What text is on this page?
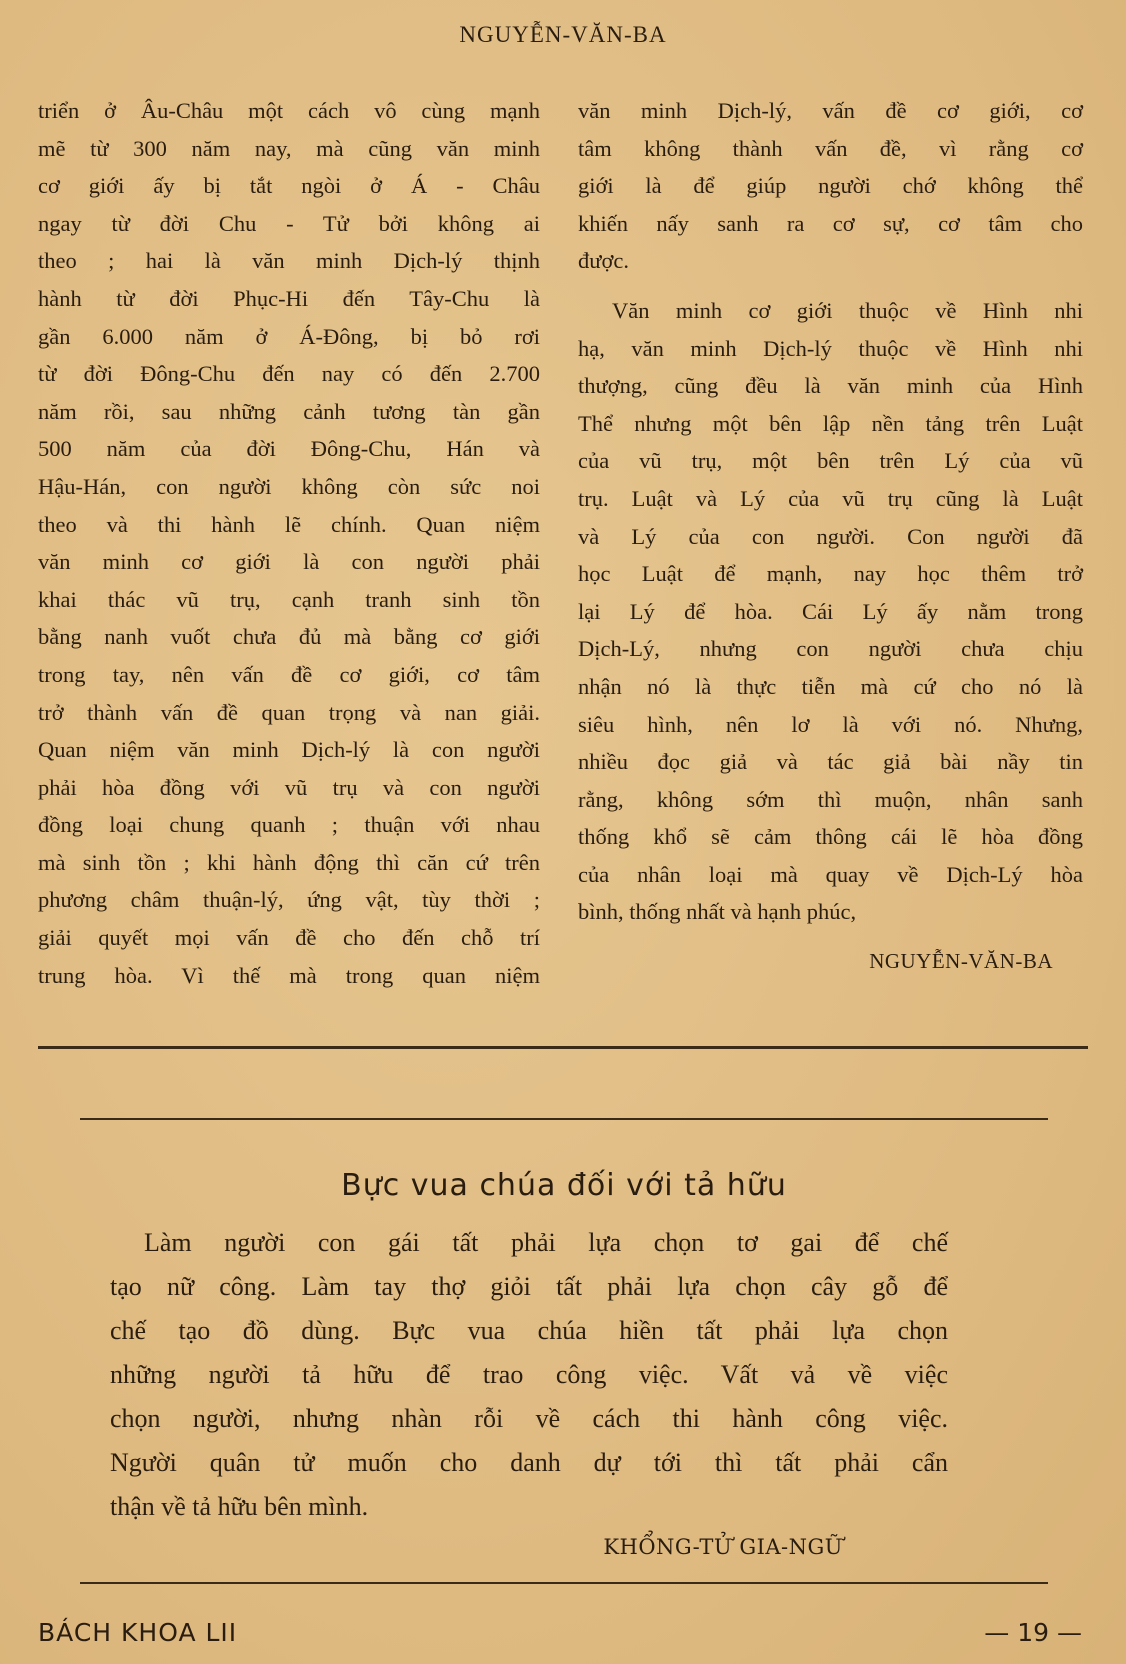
NGUYỄN-VĂN-BA
triển ở Âu-Châu một cách vô cùng mạnh
mẽ từ 300 năm nay, mà cũng văn minh
cơ giới ấy bị tắt ngòi ở Á - Châu
ngay từ đời Chu - Tử bởi không ai
theo ; hai là văn minh Dịch-lý thịnh
hành từ đời Phục-Hi đến Tây-Chu là
gần 6.000 năm ở Á-Đông, bị bỏ rơi
từ đời Đông-Chu đến nay có đến 2.700
năm rồi, sau những cảnh tương tàn gần
500 năm của đời Đông-Chu, Hán và
Hậu-Hán, con người không còn sức noi
theo và thi hành lẽ chính. Quan niệm
văn minh cơ giới là con người phải
khai thác vũ trụ, cạnh tranh sinh tồn
bằng nanh vuốt chưa đủ mà bằng cơ giới
trong tay, nên vấn đề cơ giới, cơ tâm
trở thành vấn đề quan trọng và nan giải.
Quan niệm văn minh Dịch-lý là con người
phải hòa đồng với vũ trụ và con người
đồng loại chung quanh ; thuận với nhau
mà sinh tồn ; khi hành động thì căn cứ trên
phương châm thuận-lý, ứng vật, tùy thời ;
giải quyết mọi vấn đề cho đến chỗ trí
trung hòa. Vì thế mà trong quan niệm
văn minh Dịch-lý, vấn đề cơ giới, cơ
tâm không thành vấn đề, vì rằng cơ
giới là để giúp người chớ không thể
khiến nấy sanh ra cơ sự, cơ tâm cho
được.
Văn minh cơ giới thuộc về Hình nhi
hạ, văn minh Dịch-lý thuộc về Hình nhi
thượng, cũng đều là văn minh của Hình
Thể nhưng một bên lập nền tảng trên Luật
của vũ trụ, một bên trên Lý của vũ
trụ. Luật và Lý của vũ trụ cũng là Luật
và Lý của con người. Con người đã
học Luật để mạnh, nay học thêm trở
lại Lý để hòa. Cái Lý ấy nằm trong
Dịch-Lý, nhưng con người chưa chịu
nhận nó là thực tiễn mà cứ cho nó là
siêu hình, nên lơ là với nó. Nhưng,
nhiều đọc giả và tác giả bài nầy tin
rằng, không sớm thì muộn, nhân sanh
thống khổ sẽ cảm thông cái lẽ hòa đồng
của nhân loại mà quay về Dịch-Lý hòa
bình, thống nhất và hạnh phúc,
NGUYỄN-VĂN-BA
Bực vua chúa đối với tả hữu
Làm người con gái tất phải lựa chọn tơ gai để chế
tạo nữ công. Làm tay thợ giỏi tất phải lựa chọn cây gỗ để
chế tạo đồ dùng. Bực vua chúa hiền tất phải lựa chọn
những người tả hữu để trao công việc. Vất vả về việc
chọn người, nhưng nhàn rỗi về cách thi hành công việc.
Người quân tử muốn cho danh dự tới thì tất phải cẩn
thận về tả hữu bên mình.
KHỔNG-TỬ GIA-NGỮ
BÁCH KHOA LII	— 19 —
